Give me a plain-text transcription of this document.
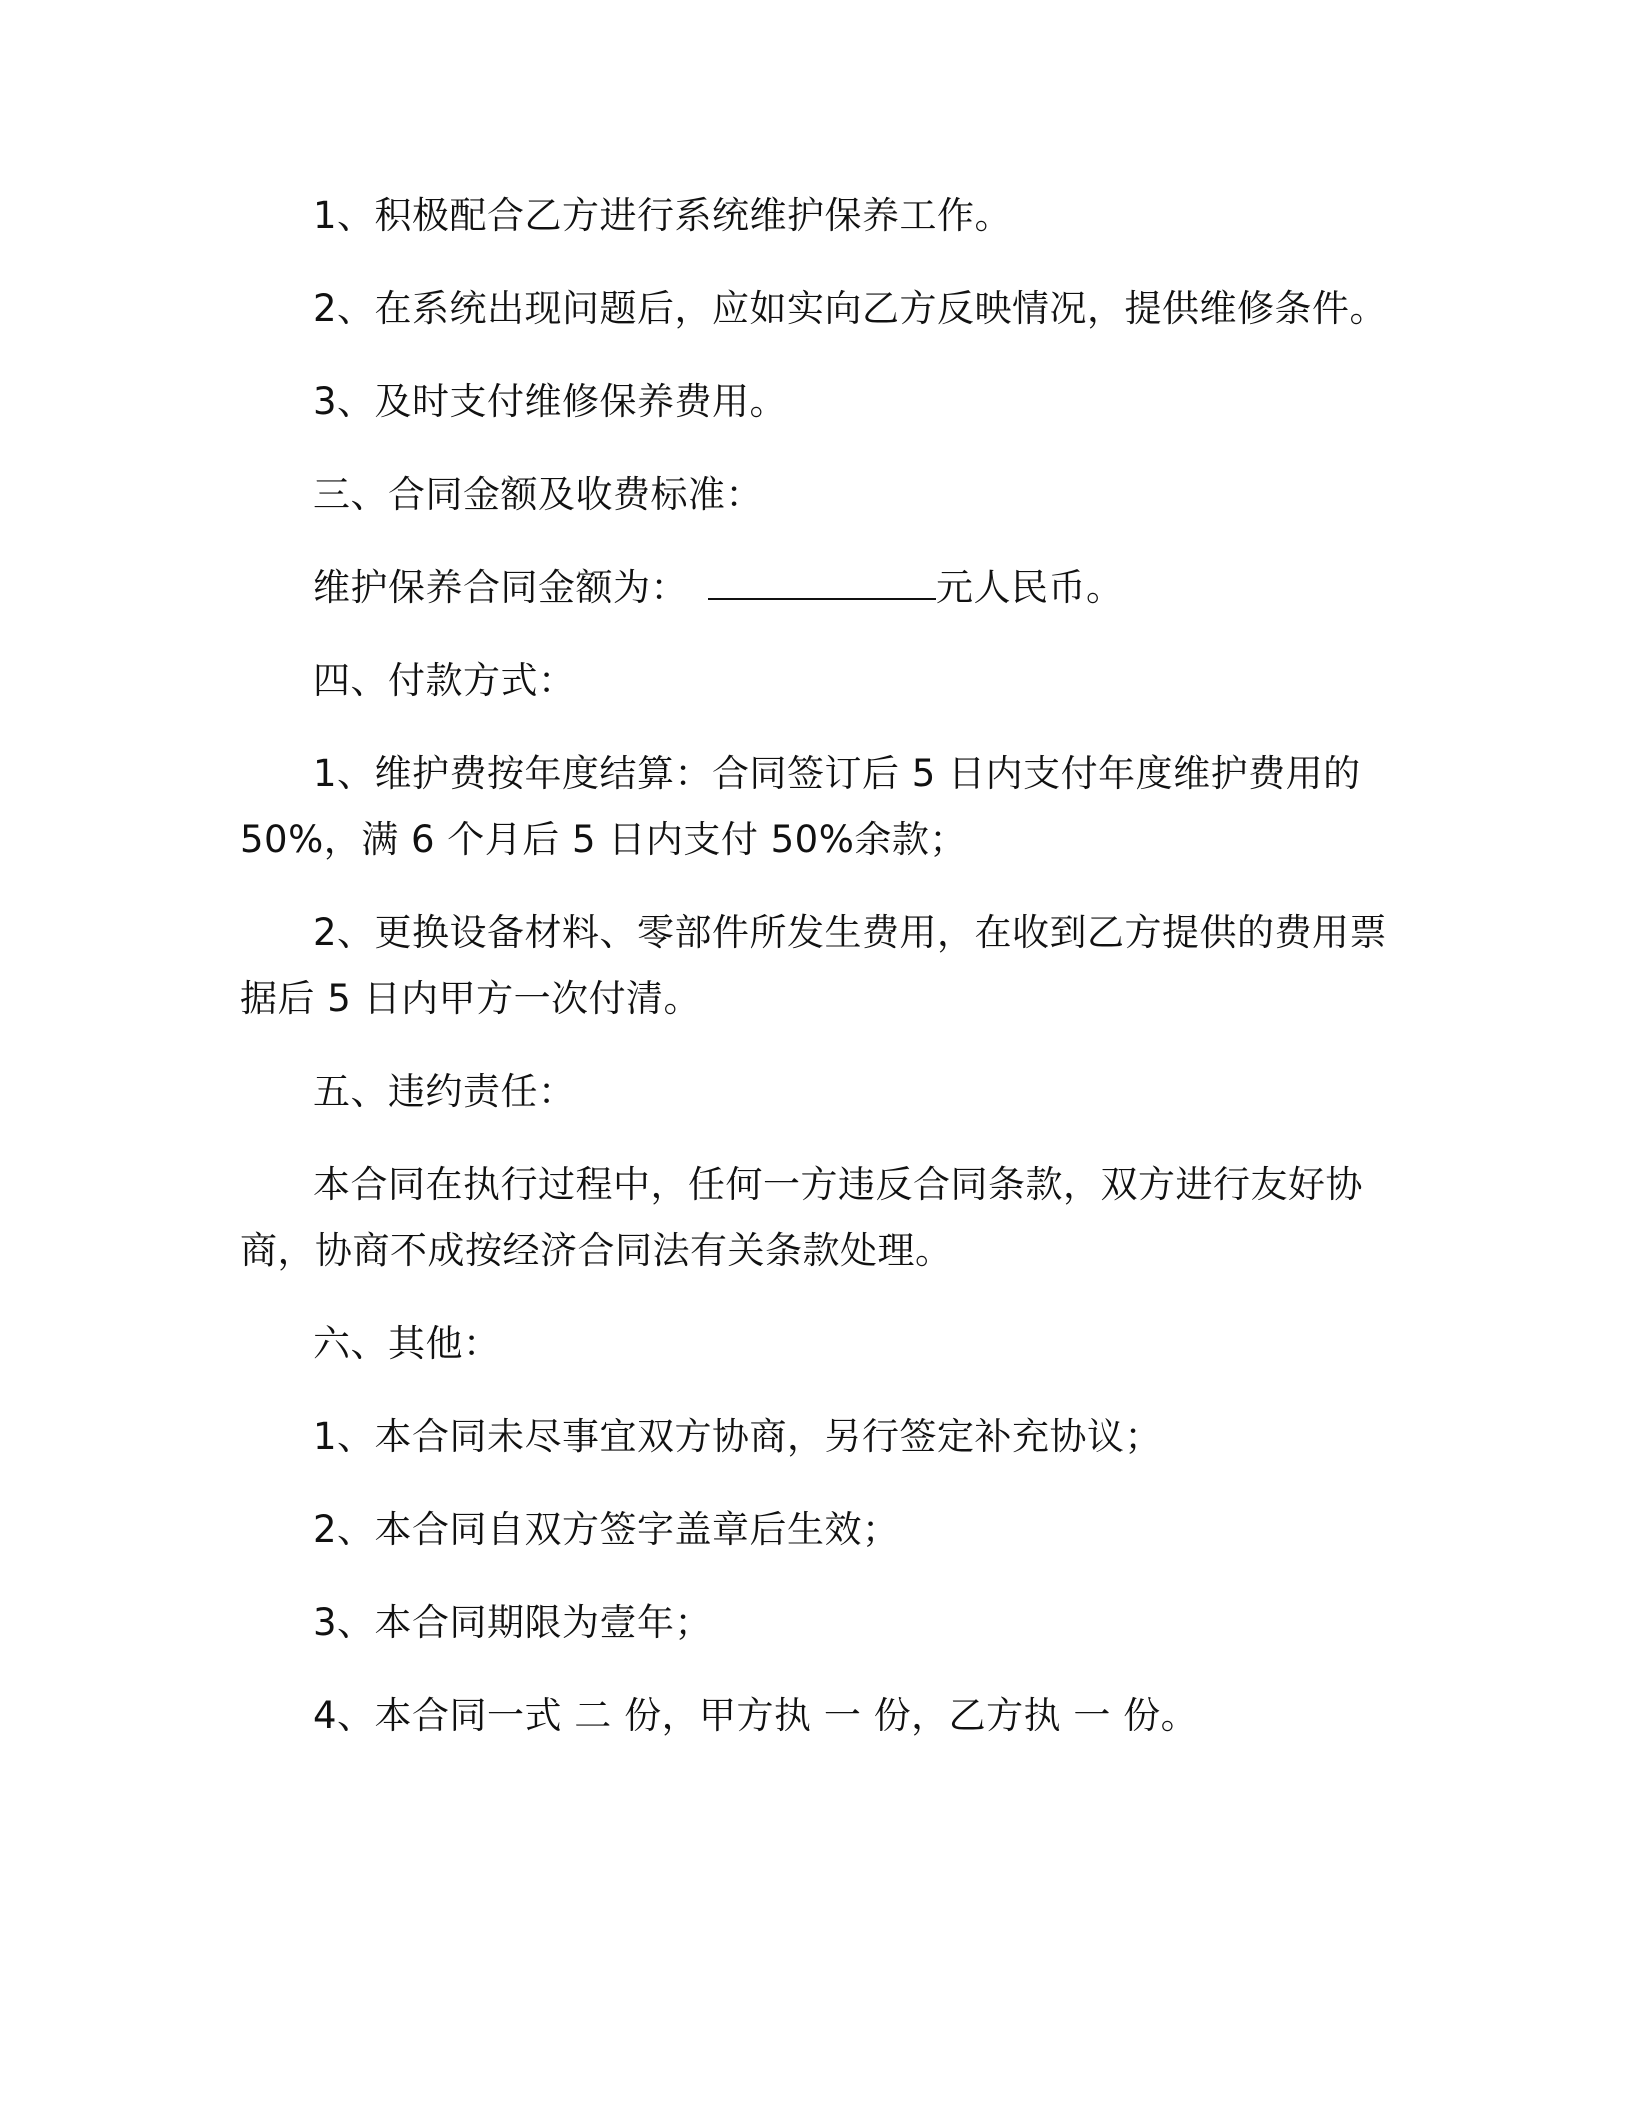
1、积极配合乙方进行系统维护保养工作。
2、在系统出现问题后，应如实向乙方反映情况，提供维修条件。
3、及时支付维修保养费用。
三、合同金额及收费标准：
维护保养合同金额为：	元人民币。
四、付款方式：
1、维护费按年度结算：合同签订后 5 日内支付年度维护费用的
50%，满 6 个月后 5 日内支付 50%余款；
2、更换设备材料、零部件所发生费用，在收到乙方提供的费用票
据后 5 日内甲方一次付清。
五、违约责任：
本合同在执行过程中，任何一方违反合同条款，双方进行友好协
商，协商不成按经济合同法有关条款处理。
六、其他：
1、本合同未尽事宜双方协商，另行签定补充协议；
2、本合同自双方签字盖章后生效；
3、本合同期限为壹年；
4、本合同一式 二 份，甲方执 一 份，乙方执 一 份。
